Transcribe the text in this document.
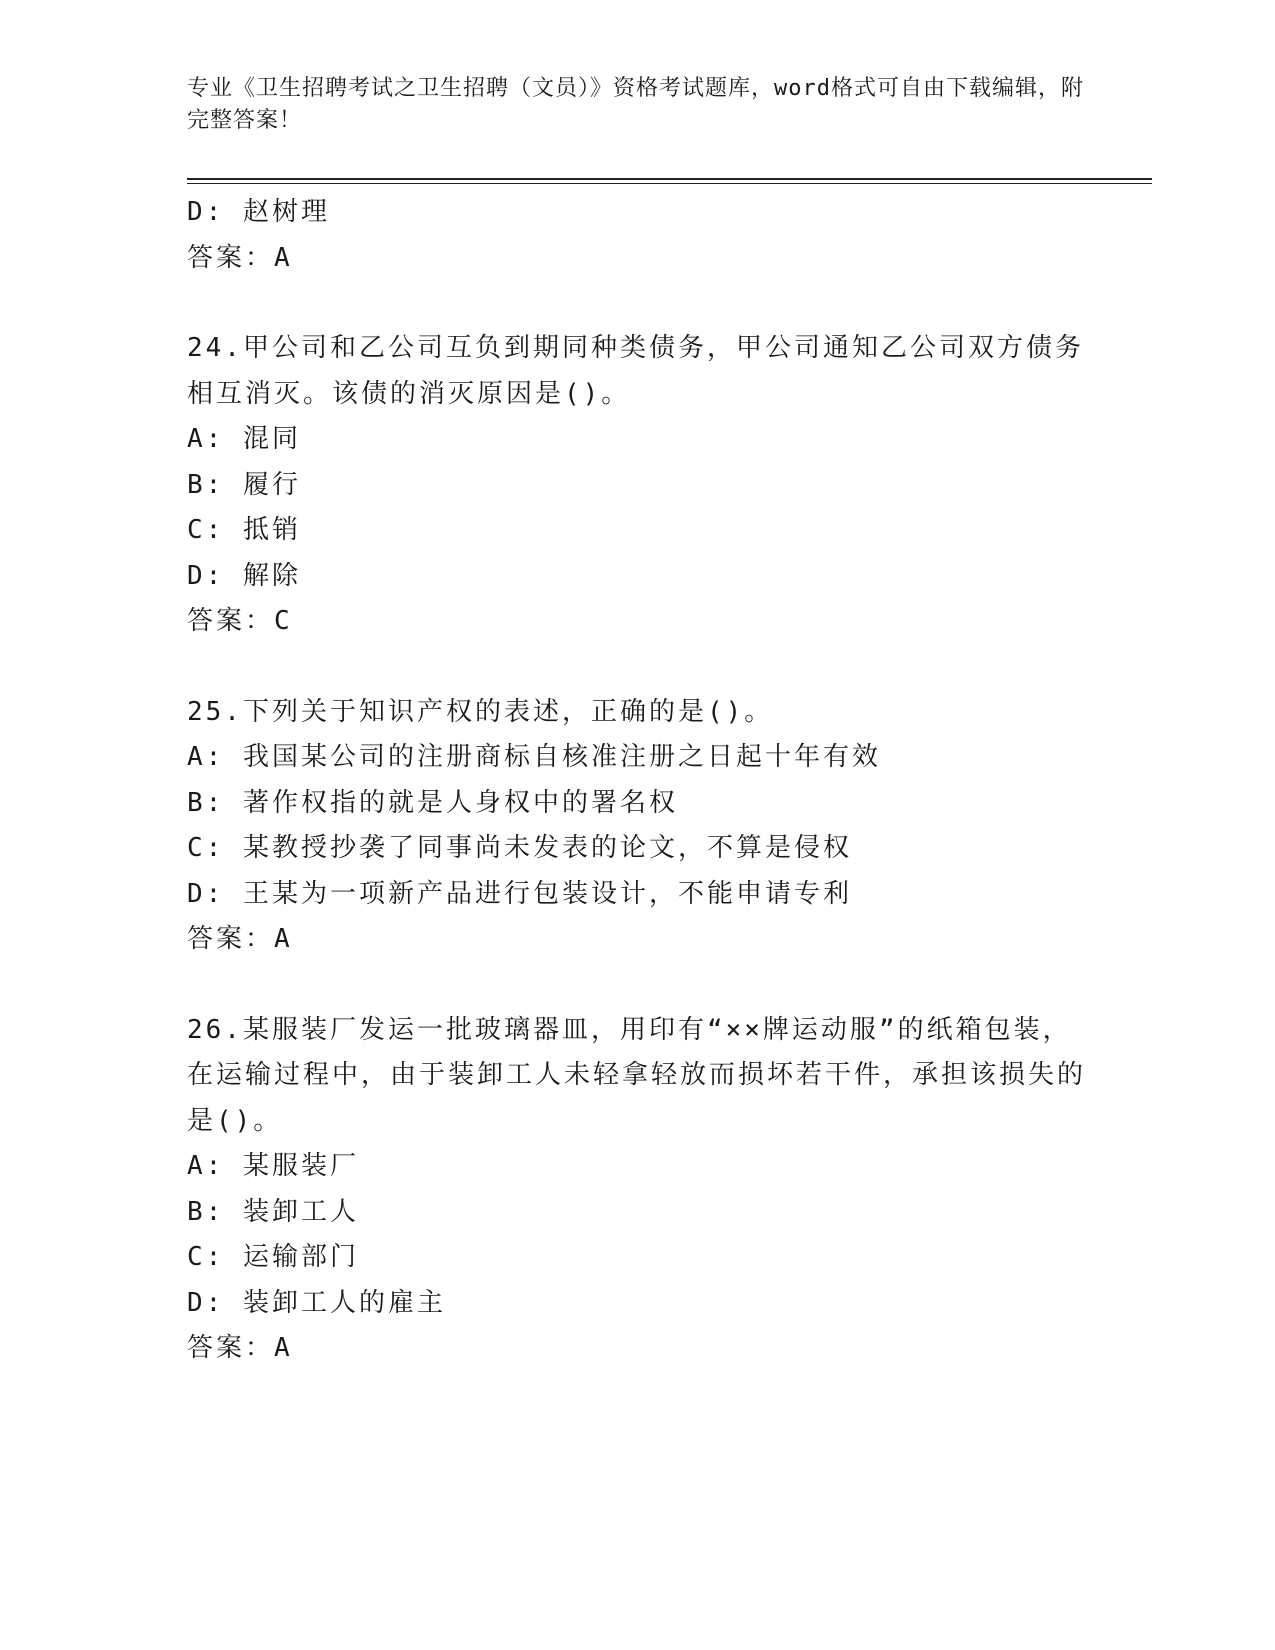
专业《卫生招聘考试之卫生招聘（文员）》资格考试题库，word格式可自由下载编辑，附完整答案！

D: 赵树理

答案：A

24.甲公司和乙公司互负到期同种类债务，甲公司通知乙公司双方债务相互消灭。该债的消灭原因是()。

A: 混同

B: 履行

C: 抵销

D: 解除

答案：C

25.下列关于知识产权的表述，正确的是()。

A: 我国某公司的注册商标自核准注册之日起十年有效

B: 著作权指的就是人身权中的署名权

C: 某教授抄袭了同事尚未发表的论文，不算是侵权

D: 王某为一项新产品进行包装设计，不能申请专利

答案：A

26.某服装厂发运一批玻璃器皿，用印有“××牌运动服”的纸箱包装，在运输过程中，由于装卸工人未轻拿轻放而损坏若干件，承担该损失的是()。

A: 某服装厂

B: 装卸工人

C: 运输部门

D: 装卸工人的雇主

答案：A
